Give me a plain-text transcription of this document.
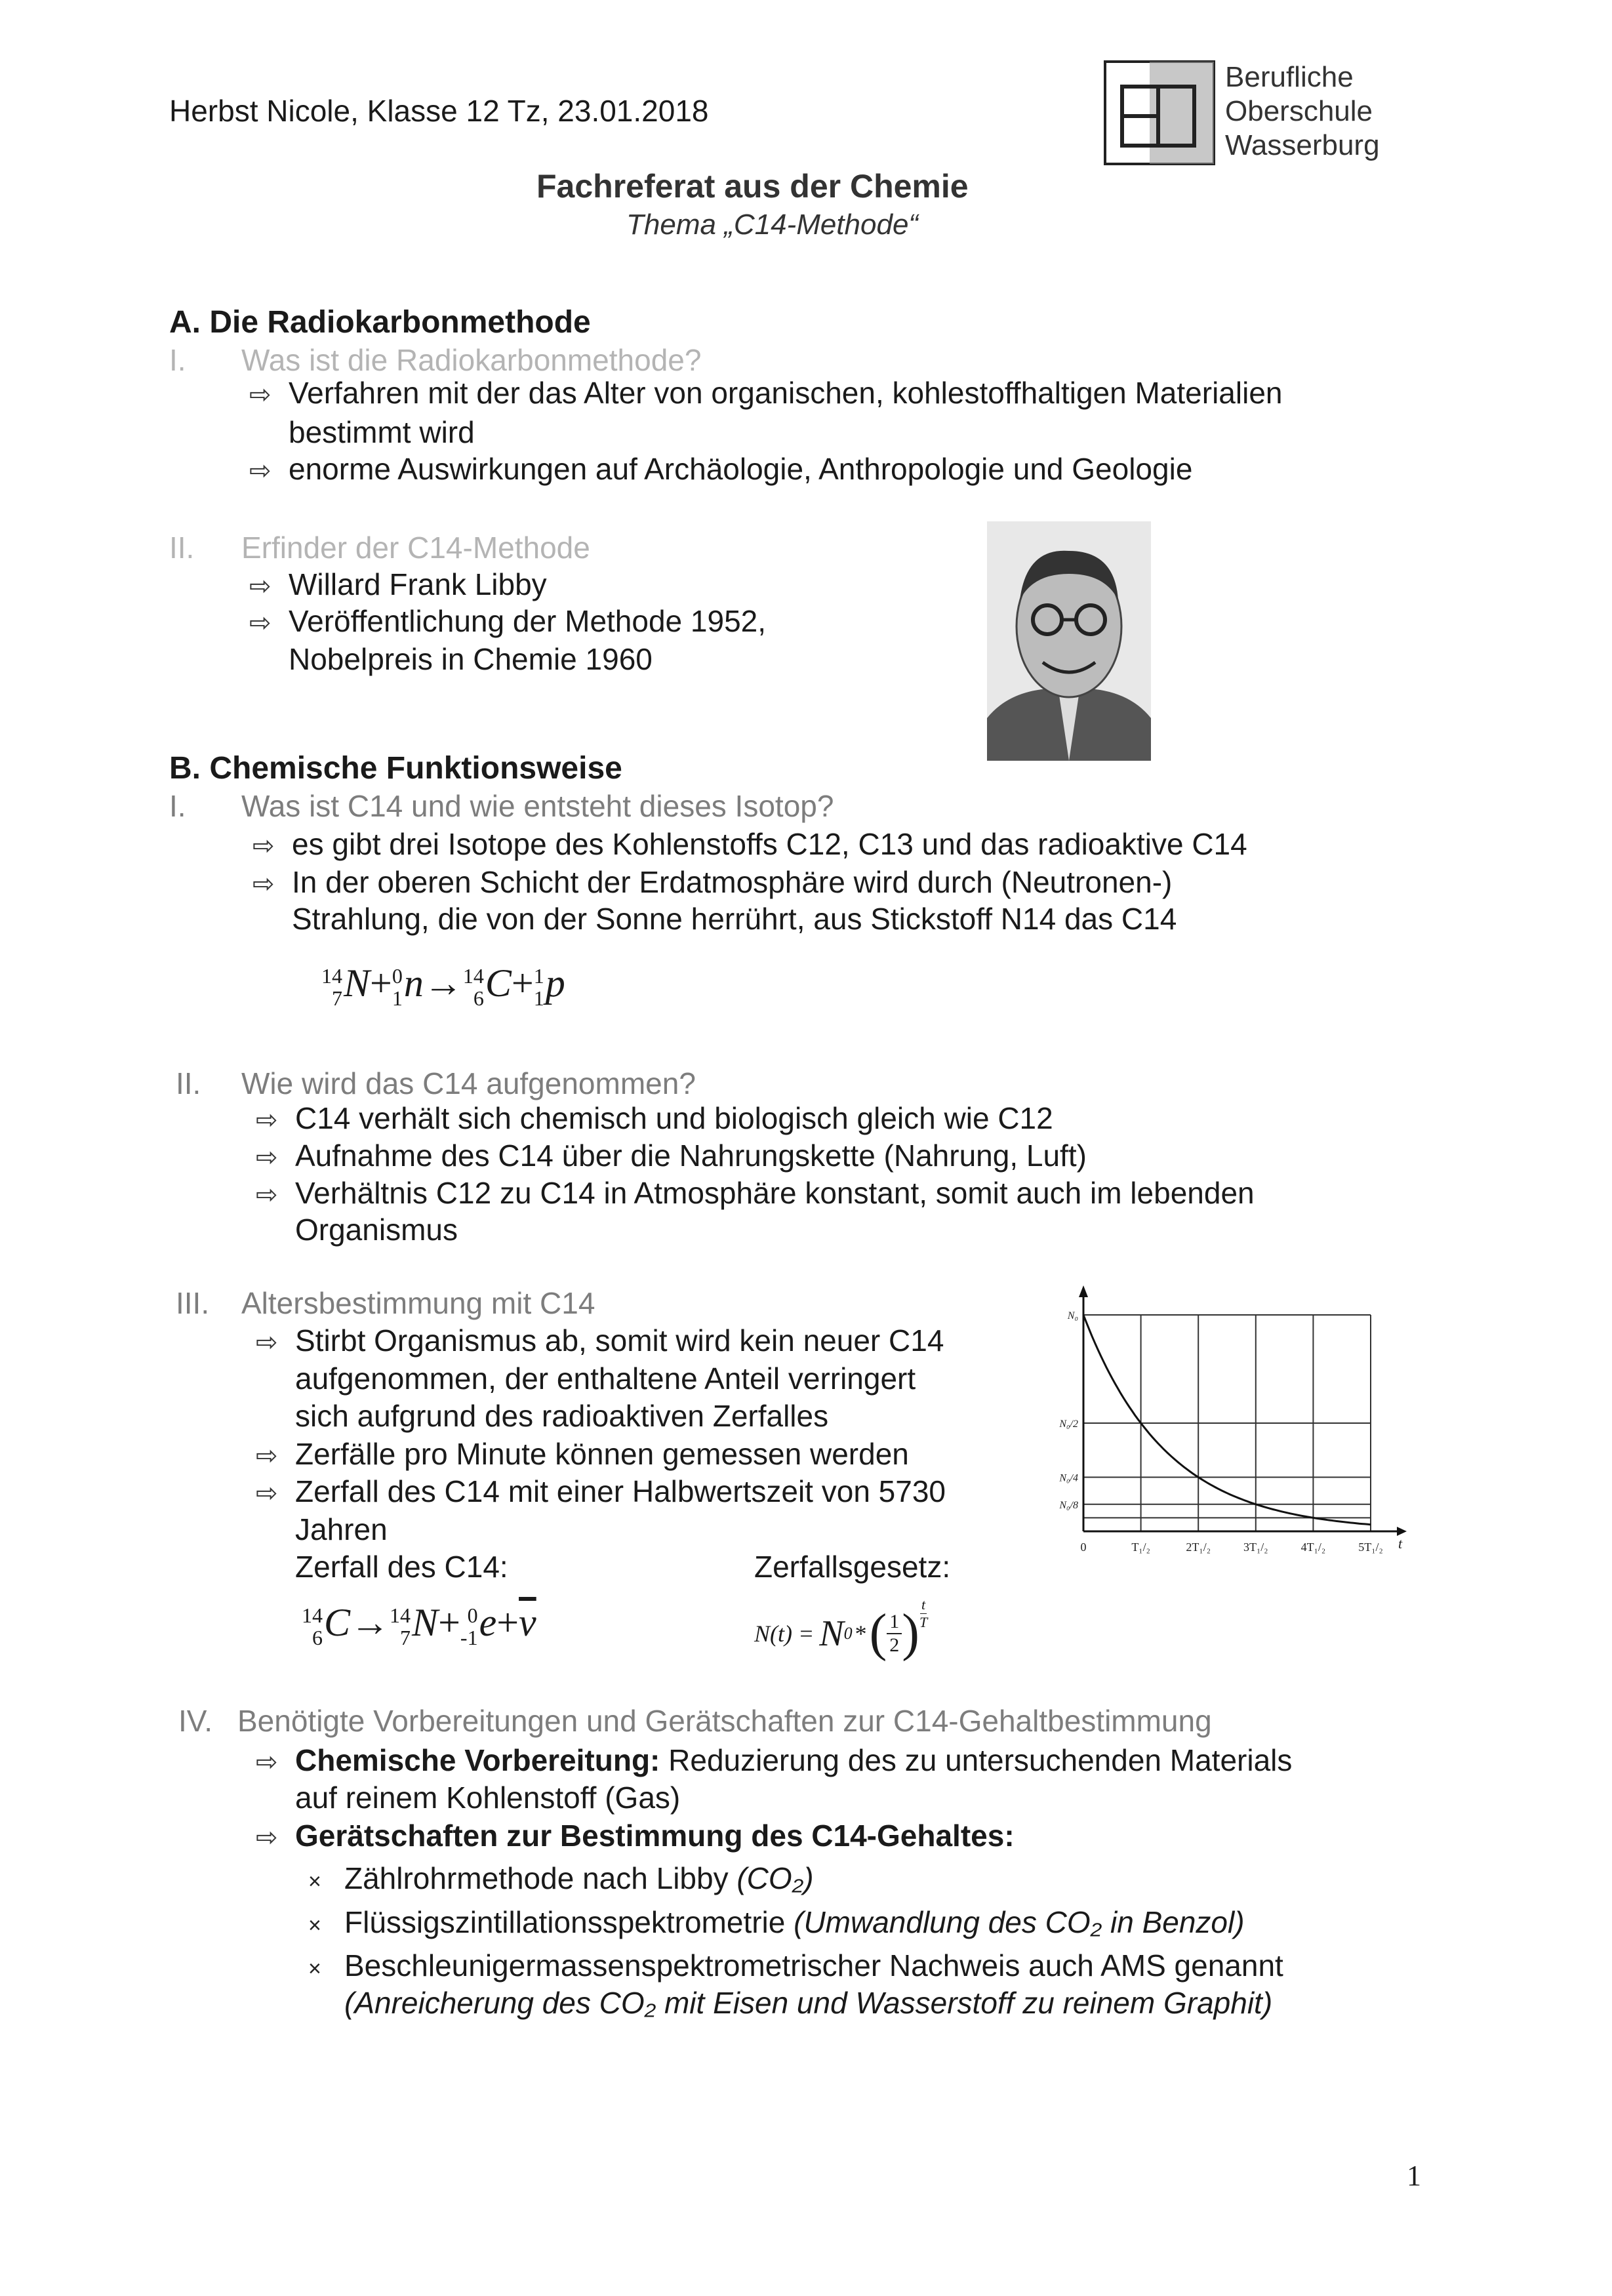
Herbst Nicole, Klasse 12 Tz, 23.01.2018
Berufliche
Oberschule
Wasserburg
Fachreferat aus der Chemie
Thema „C14-Methode“
A. Die Radiokarbonmethode
I. Was ist die Radiokarbonmethode?
⇨ Verfahren mit der das Alter von organischen, kohlestoffhaltigen Materialien
bestimmt wird
⇨ enorme Auswirkungen auf Archäologie, Anthropologie und Geologie
II. Erfinder der C14-Methode
⇨ Willard Frank Libby
⇨ Veröffentlichung der Methode 1952,
Nobelpreis in Chemie 1960
B. Chemische Funktionsweise
I. Was ist C14 und wie entsteht dieses Isotop?
⇨ es gibt drei Isotope des Kohlenstoffs C12, C13 und das radioaktive C14
⇨ In der oberen Schicht der Erdatmosphäre wird durch (Neutronen-)
Strahlung, die von der Sonne herrührt, aus Stickstoff N14 das C14
14
7 N+ 0
1 n→ 14
6 C+ 1
1 p
II. Wie wird das C14 aufgenommen?
⇨ C14 verhält sich chemisch und biologisch gleich wie C12
⇨ Aufnahme des C14 über die Nahrungskette (Nahrung, Luft)
⇨ Verhältnis C12 zu C14 in Atmosphäre konstant, somit auch im lebenden
Organismus
III. Altersbestimmung mit C14
⇨ Stirbt Organismus ab, somit wird kein neuer C14
aufgenommen, der enthaltene Anteil verringert
sich aufgrund des radioaktiven Zerfalles
⇨ Zerfälle pro Minute können gemessen werden
⇨ Zerfall des C14 mit einer Halbwertszeit von 5730
Jahren
Zerfall des C14:	Zerfallsgesetz:
14
6 C→ 14
7 N+ 0
-1 $e+\overline{\nu}$	N(t) = N 0 * ( 1
2 ) t
T
0	T₁/₂	2T₁/₂	3T₁/₂	4T₁/₂	5T₁/₂ t
N₀
N₀/2
N₀/4
N₀/8
IV. Benötigte Vorbereitungen und Gerätschaften zur C14-Gehaltbestimmung
⇨ Chemische Vorbereitung: Reduzierung des zu untersuchenden Materials
auf reinem Kohlenstoff (Gas)
⇨ Gerätschaften zur Bestimmung des C14-Gehaltes:
× Zählrohrmethode nach Libby (CO₂)
× Flüssigszintillationsspektrometrie (Umwandlung des CO₂ in Benzol)
× Beschleunigermassenspektrometrischer Nachweis auch AMS genannt
(Anreicherung des CO₂ mit Eisen und Wasserstoff zu reinem Graphit)
1
